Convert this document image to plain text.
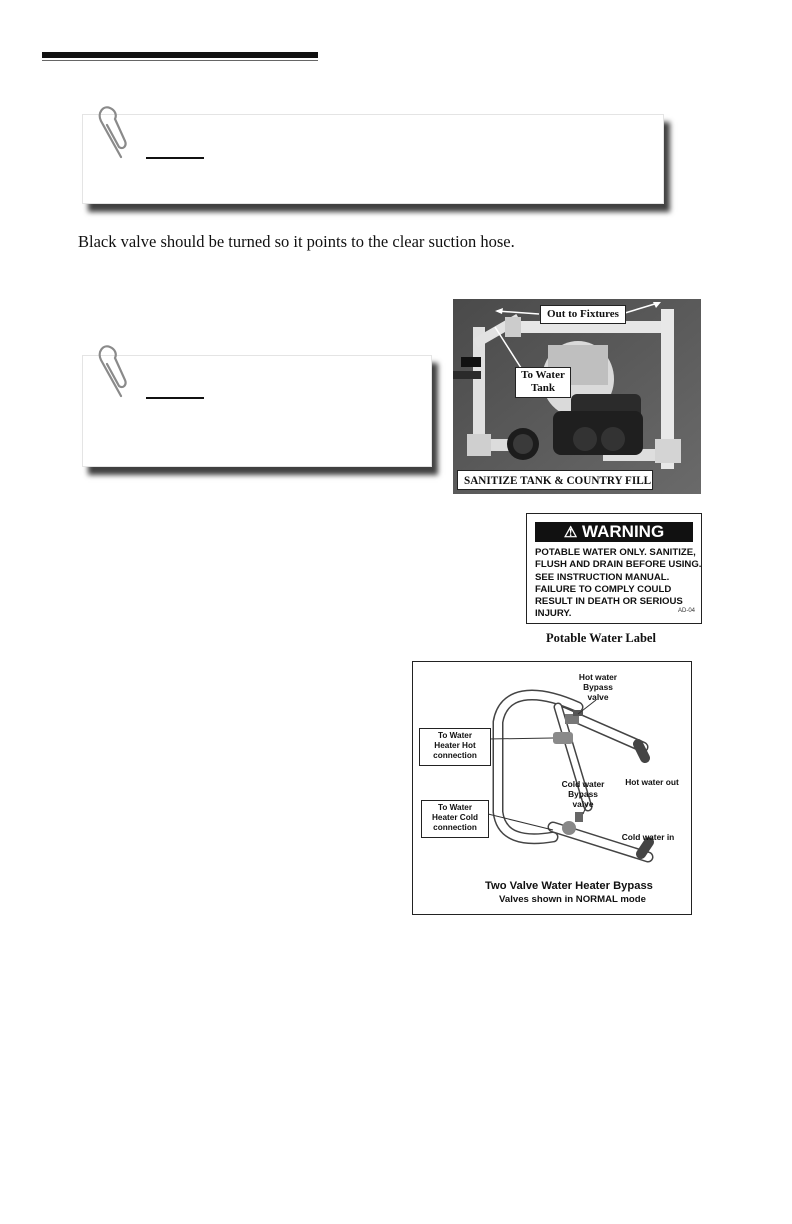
Black valve should be turned so it points to the clear suction hose.
Out to Fixtures
To Water
Tank
SANITIZE TANK & COUNTRY FILL
⚠ WARNING
POTABLE WATER ONLY. SANITIZE, FLUSH AND DRAIN BEFORE USING. SEE INSTRUCTION MANUAL. FAILURE TO COMPLY COULD RESULT IN DEATH OR SERIOUS INJURY.	AD-04
Potable Water Label
Hot water
Bypass
valve
To Water
Heater Hot
connection
Hot water out
Cold water
Bypass
valve
To Water
Heater Cold
connection
Cold water in
Two Valve Water Heater Bypass
Valves shown in NORMAL mode
